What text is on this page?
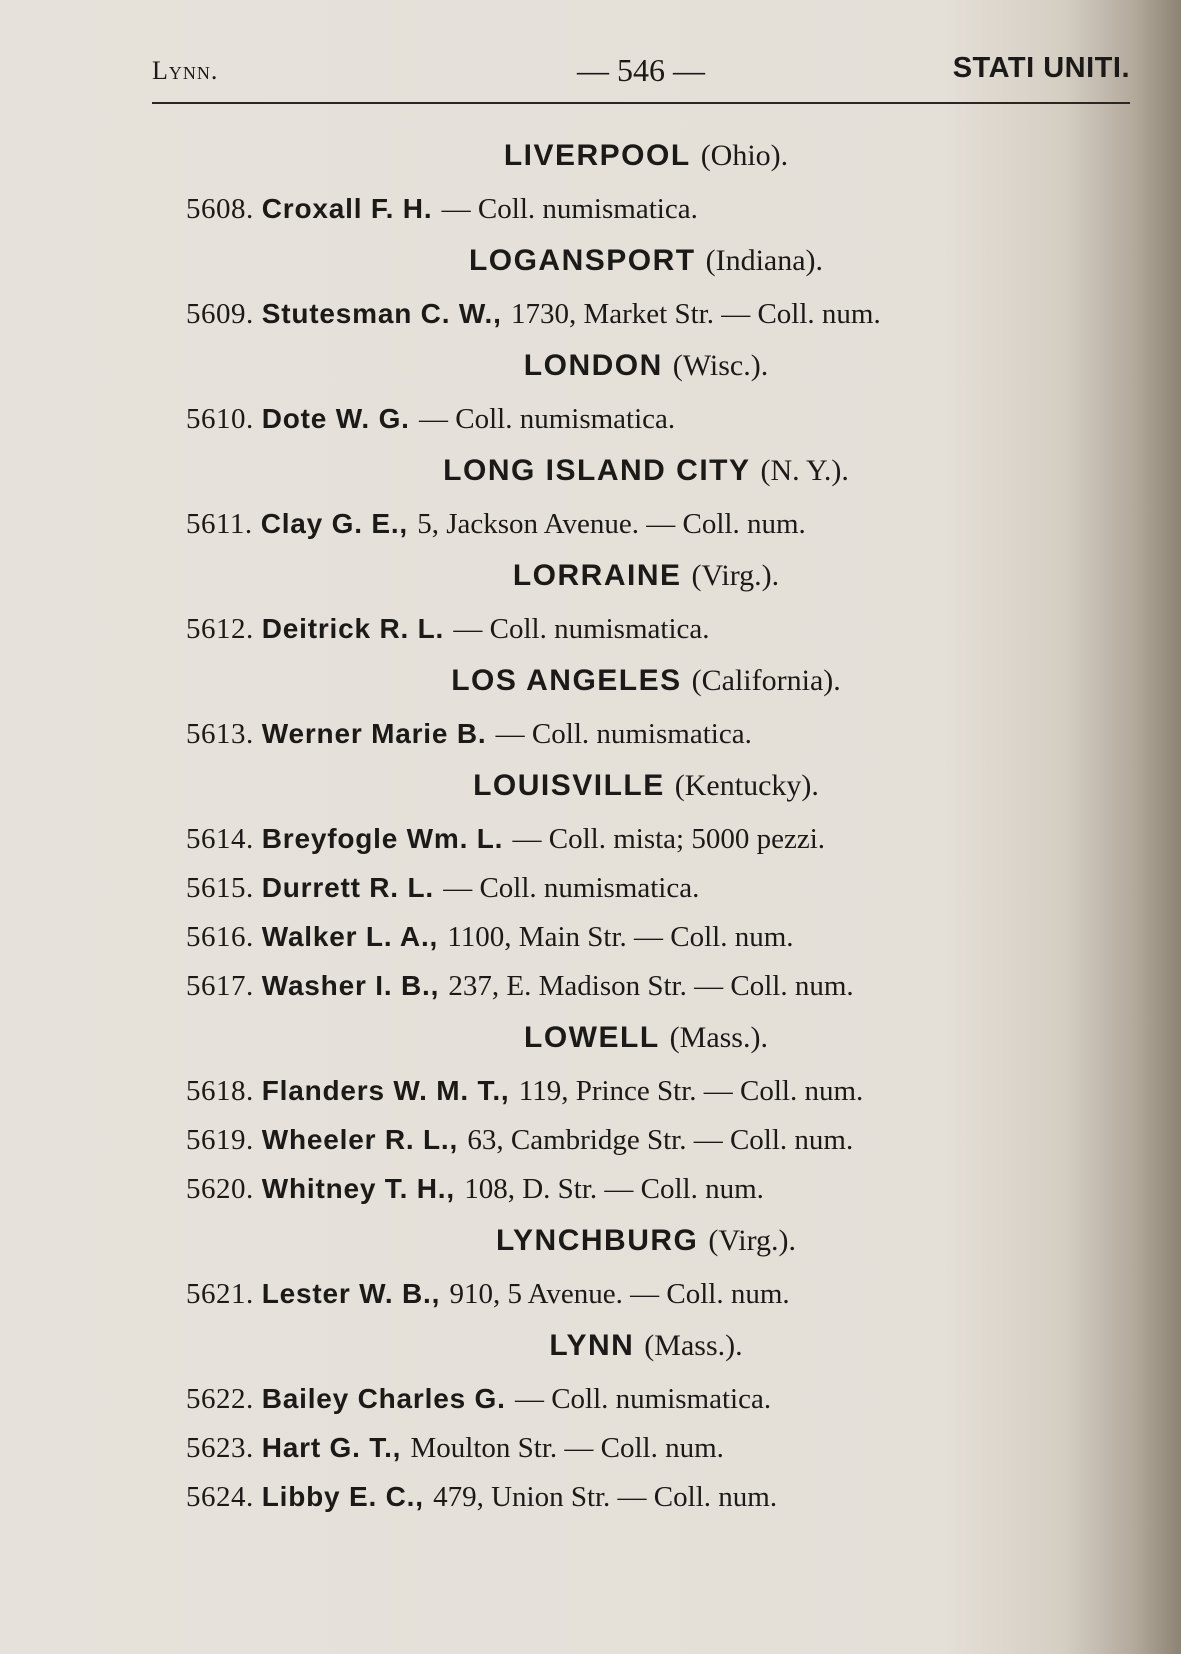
Lynn.	— 546 —	STATI UNITI.
LIVERPOOL (Ohio).
5608. Croxall F. H. — Coll. numismatica.
LOGANSPORT (Indiana).
5609. Stutesman C. W., 1730, Market Str. — Coll. num.
LONDON (Wisc.).
5610. Dote W. G. — Coll. numismatica.
LONG ISLAND CITY (N. Y.).
5611. Clay G. E., 5, Jackson Avenue. — Coll. num.
LORRAINE (Virg.).
5612. Deitrick R. L. — Coll. numismatica.
LOS ANGELES (California).
5613. Werner Marie B. — Coll. numismatica.
LOUISVILLE (Kentucky).
5614. Breyfogle Wm. L. — Coll. mista; 5000 pezzi.
5615. Durrett R. L. — Coll. numismatica.
5616. Walker L. A., 1100, Main Str. — Coll. num.
5617. Washer I. B., 237, E. Madison Str. — Coll. num.
LOWELL (Mass.).
5618. Flanders W. M. T., 119, Prince Str. — Coll. num.
5619. Wheeler R. L., 63, Cambridge Str. — Coll. num.
5620. Whitney T. H., 108, D. Str. — Coll. num.
LYNCHBURG (Virg.).
5621. Lester W. B., 910, 5 Avenue. — Coll. num.
LYNN (Mass.).
5622. Bailey Charles G. — Coll. numismatica.
5623. Hart G. T., Moulton Str. — Coll. num.
5624. Libby E. C., 479, Union Str. — Coll. num.
